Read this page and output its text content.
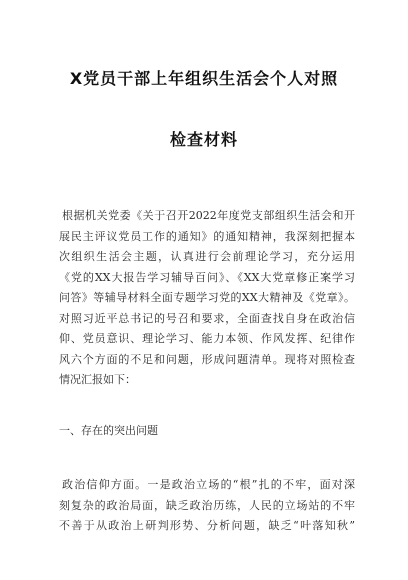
X党员干部上年组织生活会个人对照
检查材料
根据机关党委《关于召开2022年度党支部组织生活会和开
展民主评议党员工作的通知》的通知精神，我深刻把握本
次组织生活会主题，认真进行会前理论学习，充分运用
《党的XX大报告学习辅导百问》、《XX大党章修正案学习
问答》等辅导材料全面专题学习党的XX大精神及《党章》。
对照习近平总书记的号召和要求，全面查找自身在政治信
仰、党员意识、理论学习、能力本领、作风发挥、纪律作
风六个方面的不足和问题，形成问题清单。现将对照检查
情况汇报如下：
一、存在的突出问题
政治信仰方面。一是政治立场的“根”扎的不牢，面对深
刻复杂的政治局面，缺乏政治历练，人民的立场站的不牢
不善于从政治上研判形势、分析问题，缺乏“叶落知秋”
